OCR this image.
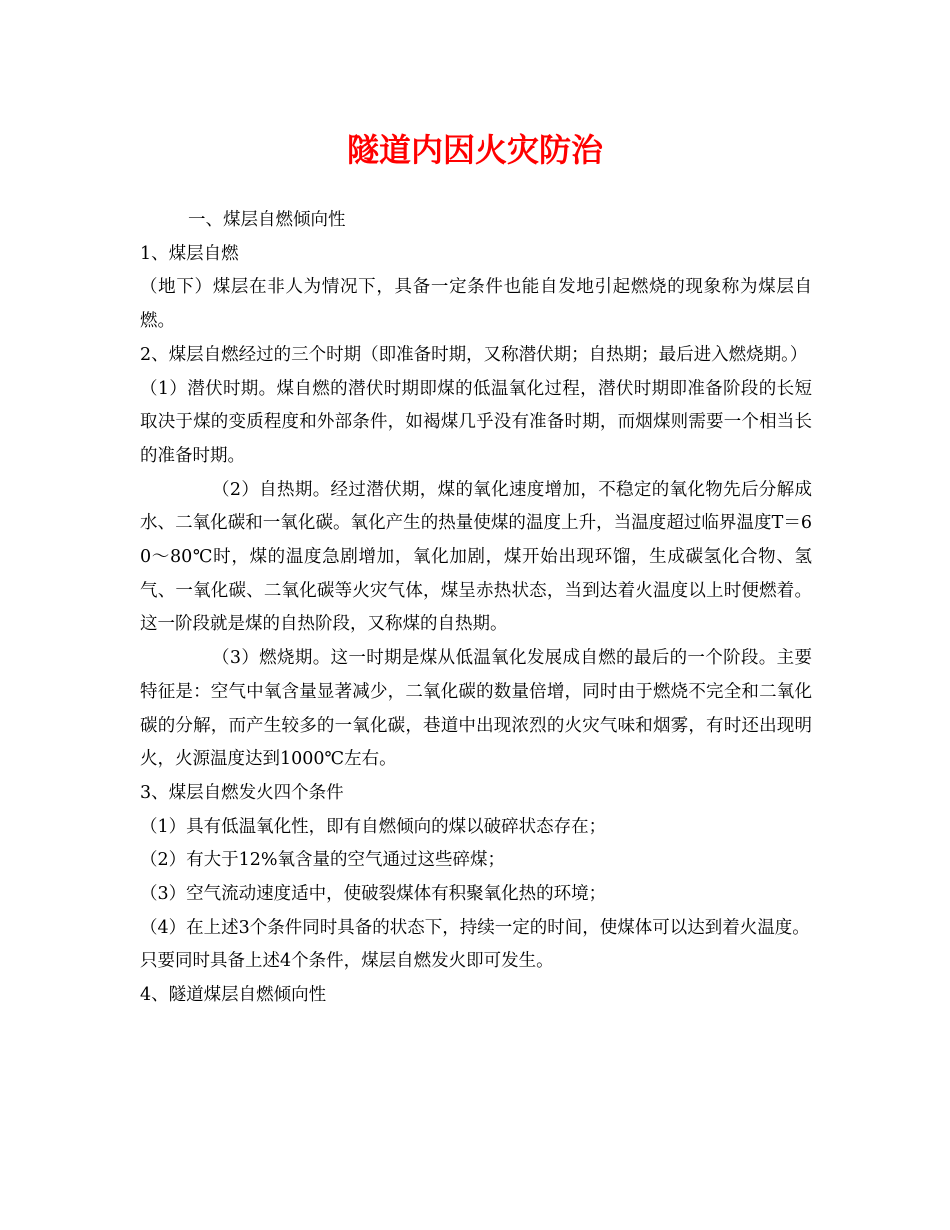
隧道内因火灾防治

一、煤层自燃倾向性

1、煤层自燃

（地下）煤层在非人为情况下，具备一定条件也能自发地引起燃烧的现象称为煤层自燃。

2、煤层自燃经过的三个时期（即准备时期，又称潜伏期；自热期；最后进入燃烧期。）

（1）潜伏时期。煤自燃的潜伏时期即煤的低温氧化过程，潜伏时期即准备阶段的长短取决于煤的变质程度和外部条件，如褐煤几乎没有准备时期，而烟煤则需要一个相当长的准备时期。

（2）自热期。经过潜伏期，煤的氧化速度增加，不稳定的氧化物先后分解成水、二氧化碳和一氧化碳。氧化产生的热量使煤的温度上升，当温度超过临界温度T＝60～80℃时，煤的温度急剧增加，氧化加剧，煤开始出现环馏，生成碳氢化合物、氢气、一氧化碳、二氧化碳等火灾气体，煤呈赤热状态，当到达着火温度以上时便燃着。这一阶段就是煤的自热阶段，又称煤的自热期。

（3）燃烧期。这一时期是煤从低温氧化发展成自燃的最后的一个阶段。主要特征是：空气中氧含量显著减少，二氧化碳的数量倍增，同时由于燃烧不完全和二氧化碳的分解，而产生较多的一氧化碳，巷道中出现浓烈的火灾气味和烟雾，有时还出现明火，火源温度达到1000℃左右。

3、煤层自燃发火四个条件

（1）具有低温氧化性，即有自燃倾向的煤以破碎状态存在；

（2）有大于12%氧含量的空气通过这些碎煤；

（3）空气流动速度适中，使破裂煤体有积聚氧化热的环境；

（4）在上述3个条件同时具备的状态下，持续一定的时间，使煤体可以达到着火温度。

只要同时具备上述4个条件，煤层自燃发火即可发生。

4、隧道煤层自燃倾向性
